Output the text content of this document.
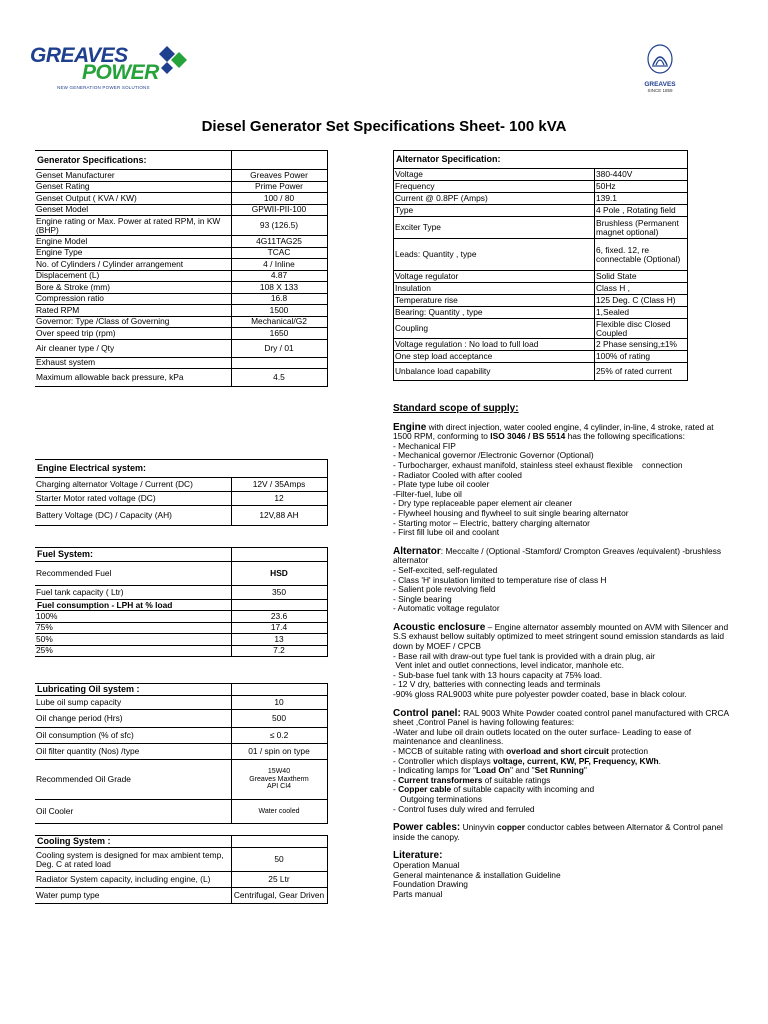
GREAVES
POWER
NEW GENERATION POWER SOLUTIONS	GREAVES
SINCE 1859
Diesel Generator Set Specifications Sheet- 100 kVA
Generator Specifications:	
Genset Manufacturer	Greaves Power
Genset Rating	Prime Power
Genset Output ( KVA / KW)	100 / 80
Genset Model	GPWII-PII-100
Engine rating or Max. Power at rated RPM, in KW (BHP)	93 (126.5)
Engine Model	4G11TAG25
Engine Type	TCAC
No. of Cylinders / Cylinder arrangement	4 / Inline
Displacement (L)	4.87
Bore & Stroke (mm)	108 X 133
Compression ratio	16.8
Rated RPM	1500
Governor: Type /Class of Governing	Mechanical/G2
Over speed trip (rpm)	1650
Air cleaner type / Qty	Dry / 01
Exhaust system	
Maximum allowable back pressure, kPa	4.5
Engine Electrical system:	
Charging alternator Voltage / Current (DC)	12V / 35Amps
Starter Motor rated voltage (DC)	12
Battery Voltage (DC) / Capacity (AH)	12V,88 AH
Fuel System:	
Recommended Fuel	HSD
Fuel tank capacity ( Ltr)	350
Fuel consumption - LPH at % load	
100%	23.6
75%	17.4
50%	13
25%	7.2
Lubricating Oil system :	
Lube oil sump capacity	10
Oil change period (Hrs)	500
Oil consumption (% of sfc)	≤ 0.2
Oil filter quantity (Nos) /type	01 / spin on type
Recommended Oil Grade	15W40
Greaves Maxtherm
API CI4

Oil Cooler	Water cooled
Cooling System :	
Cooling system is designed for max ambient temp, Deg. C at rated load	50
Radiator System capacity, including engine, (L)	25 Ltr
Water pump type	Centrifugal, Gear Driven
Alternator Specification:	
Voltage	380-440V
Frequency	50Hz
Current @ 0.8PF (Amps)	139.1
Type	4 Pole , Rotating field
Exciter Type	Brushless (Permanent magnet optional)
Leads: Quantity , type	6, fixed. 12, re connectable (Optional)
Voltage regulator	Solid State
Insulation	Class H ,
Temperature rise	125 Deg. C (Class H)
Bearing: Quantity , type	1,Sealed
Coupling	Flexible disc Closed Coupled
Voltage regulation : No load to full load	2 Phase sensing,±1%
One step load acceptance	100% of rating
Unbalance load capability	25% of rated current

Standard scope of supply:

Engine with direct injection, water cooled engine, 4 cylinder, in-line, 4 stroke, rated at 1500 RPM, conforming to ISO 3046 / BS 5514 has the following specifications:

- Mechanical FIP

- Mechanical governor /Electronic Governor (Optional)

- Turbocharger, exhaust manifold, stainless steel exhaust flexible    connection

- Radiator Cooled with after cooled

- Plate type lube oil cooler

-Filter-fuel, lube oil

- Dry type replaceable paper element air cleaner

- Flywheel housing and flywheel to suit single bearing alternator

- Starting motor – Electric, battery charging alternator

- First fill lube oil and coolant

Alternator: Meccalte / (Optional -Stamford/ Crompton Greaves /equivalent) -brushless alternator

- Self-excited, self-regulated

- Class 'H' insulation limited to temperature rise of class H

- Salient pole revolving field

- Single bearing

- Automatic voltage regulator

Acoustic enclosure – Engine alternator assembly mounted on AVM with Silencer and S.S exhaust bellow suitably optimized to meet stringent sound emission standards as laid down by MOEF / CPCB

- Base rail with draw-out type fuel tank is provided with a drain plug, air

Vent inlet and outlet connections, level indicator, manhole etc.

- Sub-base fuel tank with 13 hours capacity at 75% load.

- 12 V dry, batteries with connecting leads and terminals

-90% gloss RAL9003 white pure polyester powder coated, base in black colour.

Control panel: RAL 9003 White Powder coated control panel manufactured with CRCA sheet ,Control Panel is having following features:

-Water and lube oil drain outlets located on the outer surface- Leading to ease of maintenance and cleanliness.

- MCCB of suitable rating with overload and short circuit protection

- Controller which displays voltage, current, KW, PF, Frequency, KWh.

- Indicating lamps for "Load On" and "Set Running"

- Current transformers of suitable ratings

- Copper cable of suitable capacity with incoming and

Outgoing terminations

- Control fuses duly wired and ferruled

Power cables: Uninyvin copper conductor cables between Alternator & Control panel inside the canopy.

Literature:

Operation Manual

General maintenance & installation Guideline

Foundation Drawing

Parts manual
